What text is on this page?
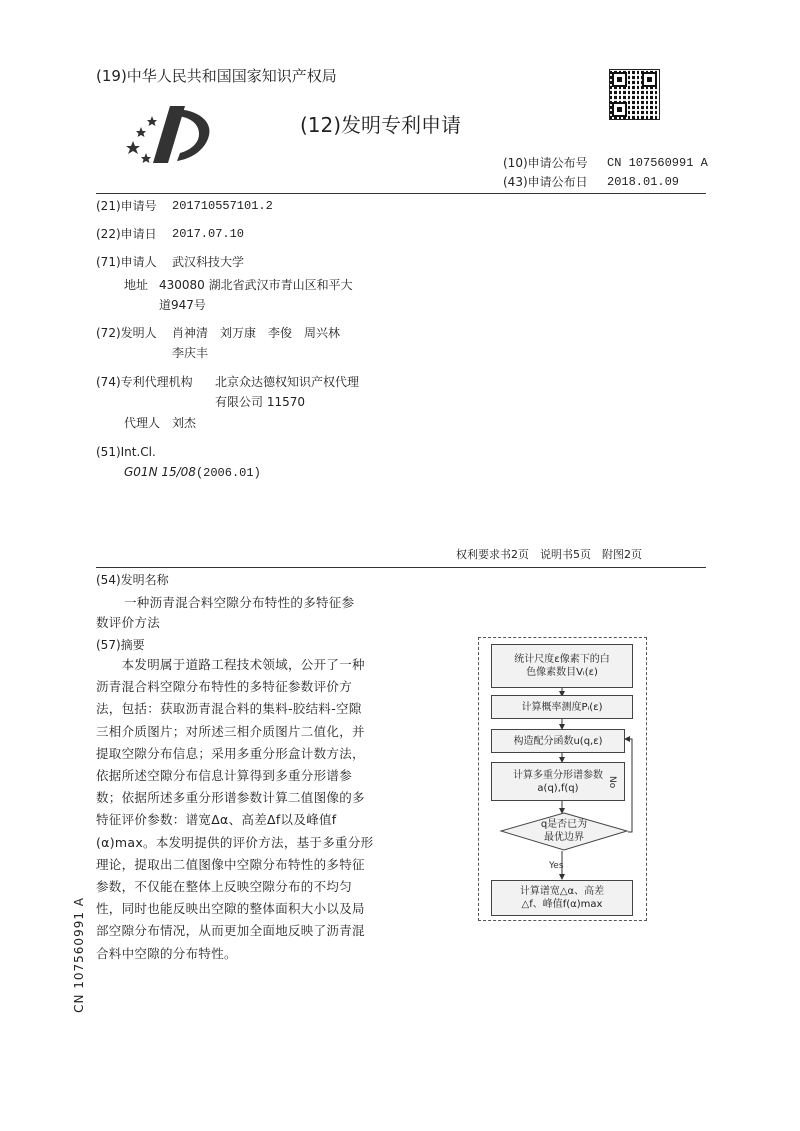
(19)中华人民共和国国家知识产权局
(12)发明专利申请
(10)申请公布号 CN 107560991 A
(43)申请公布日 2018.01.09
(21)申请号 201710557101.2
(22)申请日 2017.07.10
(71)申请人 武汉科技大学
地址 430080 湖北省武汉市青山区和平大
道947号
(72)发明人 肖神清　刘万康　李俊　周兴林
李庆丰
(74)专利代理机构 北京众达德权知识产权代理
有限公司 11570
代理人 刘杰
(51)Int.Cl.
G01N 15/08(2006.01)
权利要求书2页　说明书5页　附图2页
(54)发明名称
一种沥青混合料空隙分布特性的多特征参
数评价方法
(57)摘要
　　本发明属于道路工程技术领域，公开了一种
沥青混合料空隙分布特性的多特征参数评价方
法，包括：获取沥青混合料的集料-胶结料-空隙
三相介质图片；对所述三相介质图片二值化，并
提取空隙分布信息；采用多重分形盒计数方法，
依据所述空隙分布信息计算得到多重分形谱参
数；依据所述多重分形谱参数计算二值图像的多
特征评价参数：谱宽Δα、高差Δf以及峰值f
(α)max。本发明提供的评价方法，基于多重分形
理论，提取出二值图像中空隙分布特性的多特征
参数，不仅能在整体上反映空隙分布的不均匀
性，同时也能反映出空隙的整体面积大小以及局
部空隙分布情况，从而更加全面地反映了沥青混
合料中空隙的分布特性。
CN 107560991 A
统计尺度ε像素下的白
色像素数目Vᵢ(ε)
计算概率测度Pᵢ(ε)
构造配分函数u(q,ε)
计算多重分形谱参数
a(q),f(q)
q是否已为
最优边界
No
Yes
计算谱宽△α、高差
△f、峰值f(α)max
